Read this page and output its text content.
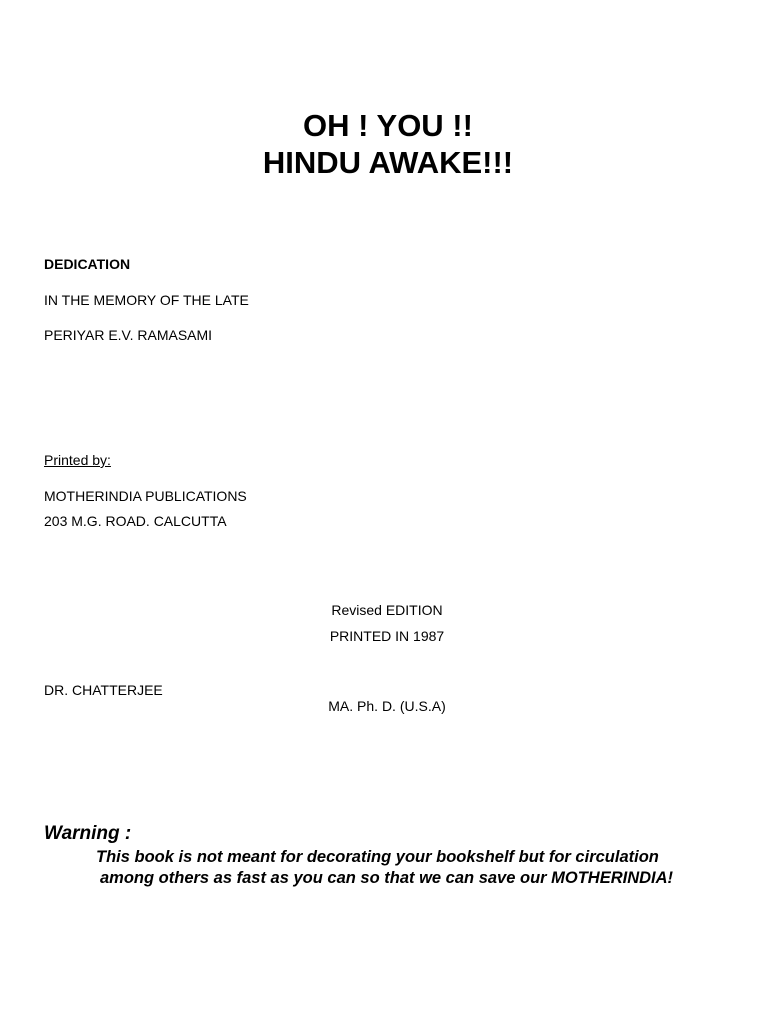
OH ! YOU !!
HINDU AWAKE!!!
DEDICATION
IN THE MEMORY OF THE LATE
PERIYAR E.V. RAMASAMI
Printed by:
MOTHERINDIA PUBLICATIONS
203 M.G. ROAD. CALCUTTA
Revised EDITION
PRINTED IN 1987
DR. CHATTERJEE
MA. Ph. D. (U.S.A)
Warning :
This book is not meant for decorating your bookshelf but for circulation
among others as fast as you can so that we can save our MOTHERINDIA!
